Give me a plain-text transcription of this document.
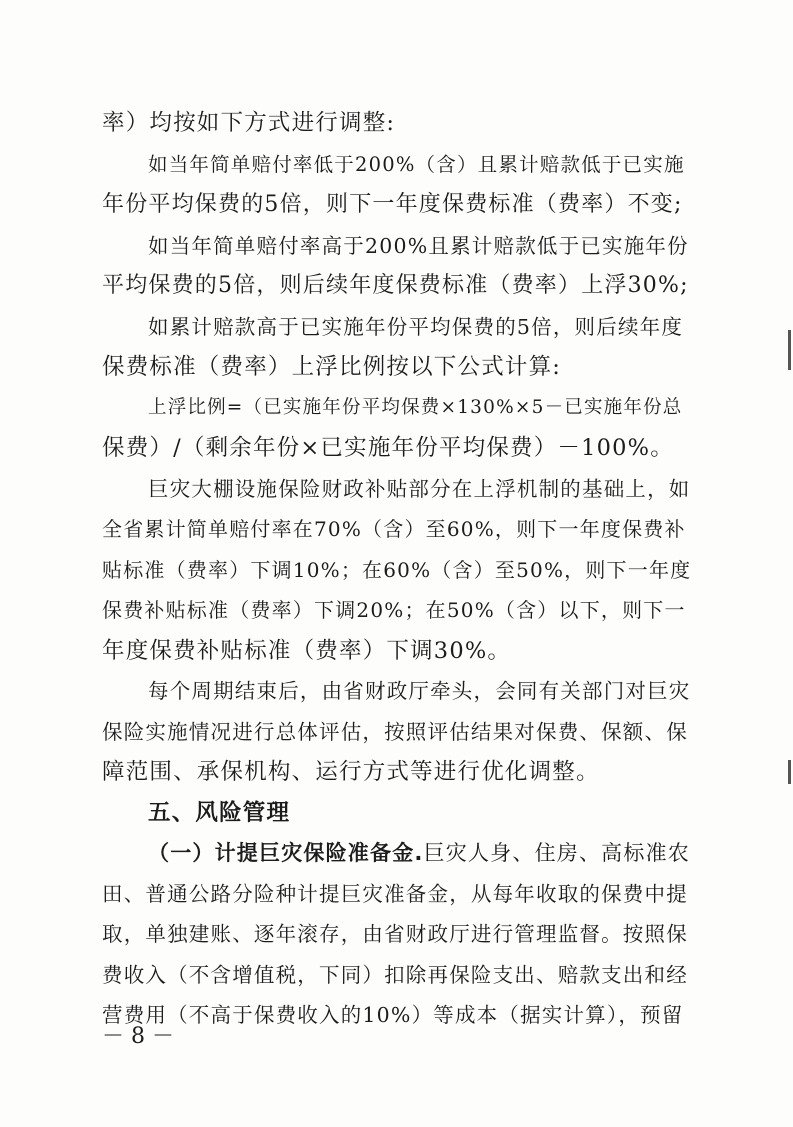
率）均按如下方式进行调整:
如当年简单赔付率低于200%（含）且累计赔款低于已实施
年份平均保费的5倍，则下一年度保费标准（费率）不变;
如当年简单赔付率高于200%且累计赔款低于已实施年份
平均保费的5倍，则后续年度保费标准（费率）上浮30%;
如累计赔款高于已实施年份平均保费的5倍，则后续年度
保费标准（费率）上浮比例按以下公式计算:
上浮比例=（已实施年份平均保费×130%×5－已实施年份总
保费）/（剩余年份×已实施年份平均保费）－100%。
巨灾大棚设施保险财政补贴部分在上浮机制的基础上，如
全省累计简单赔付率在70%（含）至60%，则下一年度保费补
贴标准（费率）下调10%；在60%（含）至50%，则下一年度
保费补贴标准（费率）下调20%；在50%（含）以下，则下一
年度保费补贴标准（费率）下调30%。
每个周期结束后，由省财政厅牵头，会同有关部门对巨灾
保险实施情况进行总体评估，按照评估结果对保费、保额、保
障范围、承保机构、运行方式等进行优化调整。
五、风险管理
（一）计提巨灾保险准备金.巨灾人身、住房、高标准农
田、普通公路分险种计提巨灾准备金，从每年收取的保费中提
取，单独建账、逐年滚存，由省财政厅进行管理监督。按照保
费收入（不含增值税，下同）扣除再保险支出、赔款支出和经
营费用（不高于保费收入的10%）等成本（据实计算），预留
－ 8 －
